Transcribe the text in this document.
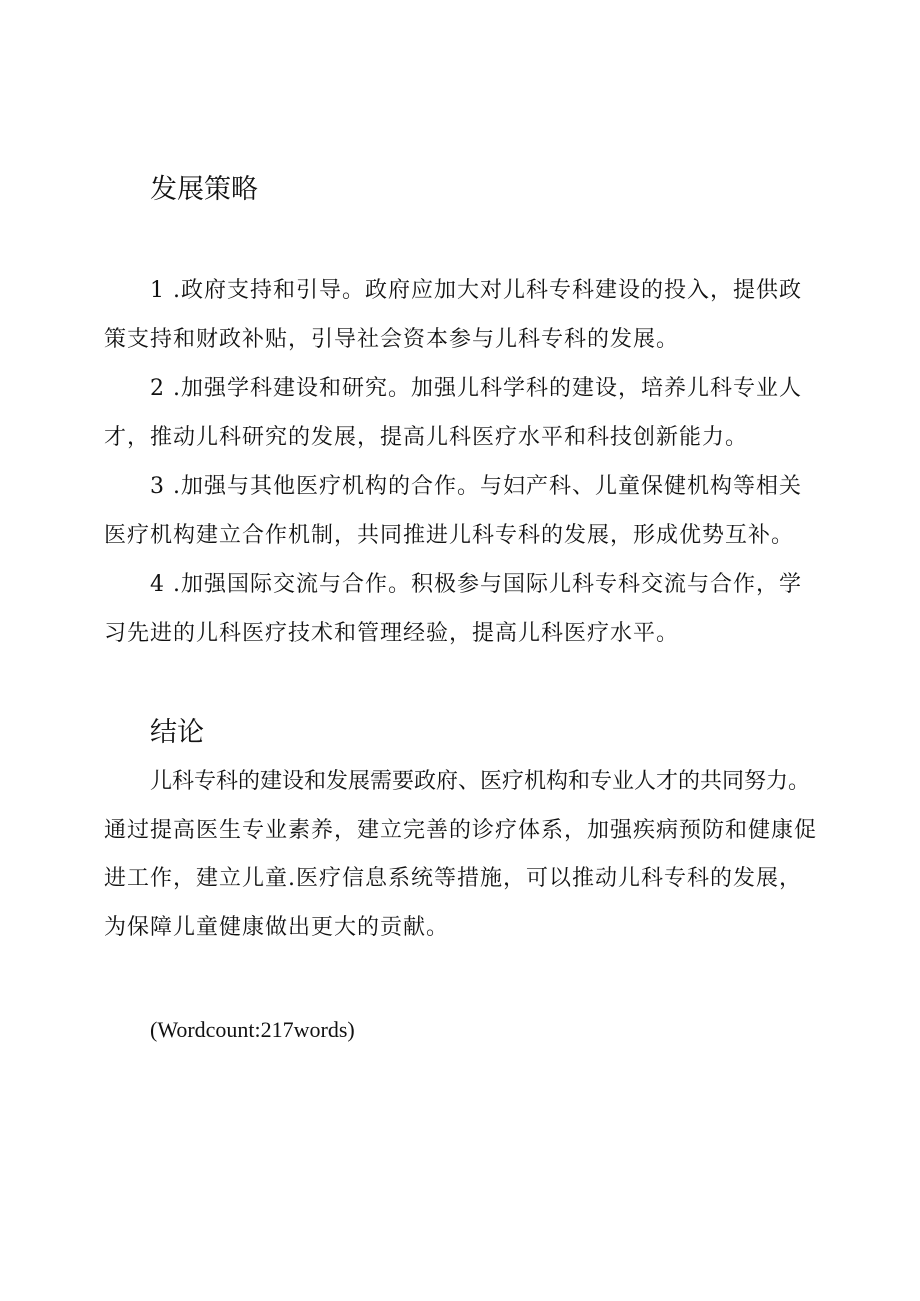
发展策略
1 .政府支持和引导。政府应加大对儿科专科建设的投入，提供政
策支持和财政补贴，引导社会资本参与儿科专科的发展。
2 .加强学科建设和研究。加强儿科学科的建设，培养儿科专业人
才，推动儿科研究的发展，提高儿科医疗水平和科技创新能力。
3 .加强与其他医疗机构的合作。与妇产科、儿童保健机构等相关
医疗机构建立合作机制，共同推进儿科专科的发展，形成优势互补。
4 .加强国际交流与合作。积极参与国际儿科专科交流与合作，学
习先进的儿科医疗技术和管理经验，提高儿科医疗水平。
结论
儿科专科的建设和发展需要政府、医疗机构和专业人才的共同努力。
通过提高医生专业素养，建立完善的诊疗体系，加强疾病预防和健康促
进工作，建立儿童.医疗信息系统等措施，可以推动儿科专科的发展，
为保障儿童健康做出更大的贡献。
(Wordcount:217words)
